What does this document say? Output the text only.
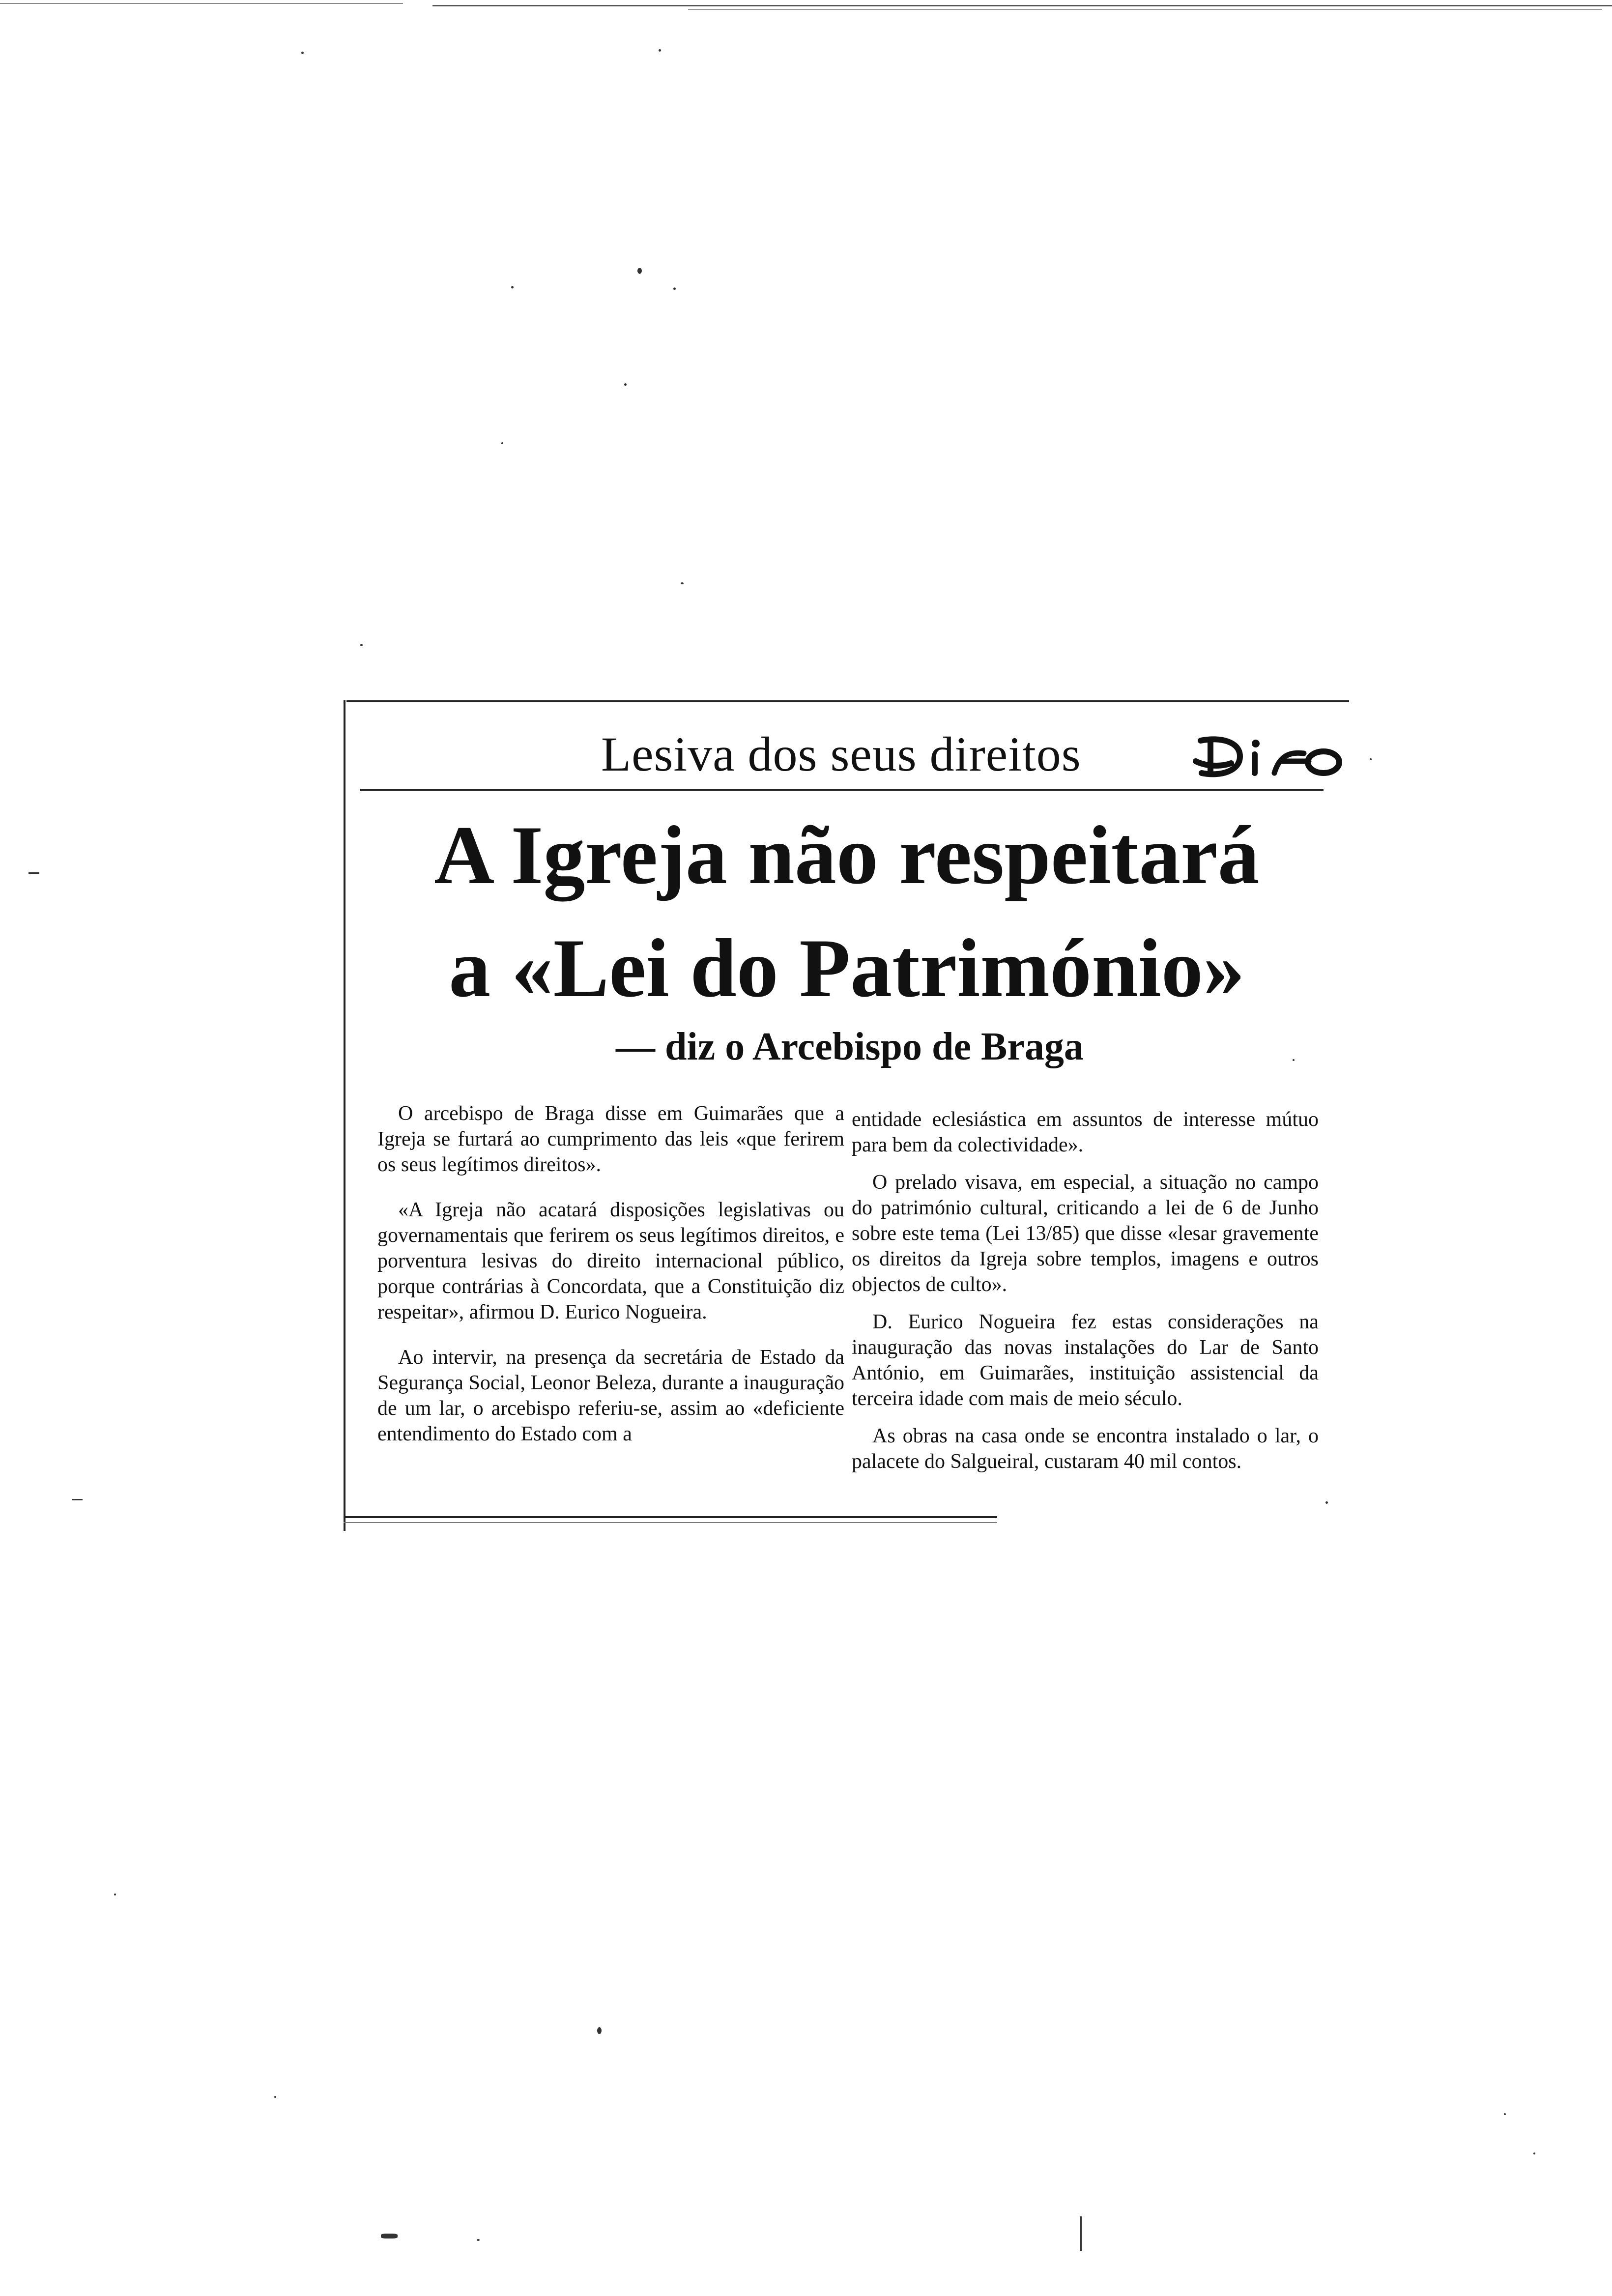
Lesiva dos seus direitos
A Igreja não respeitará
a «Lei do Património»
— diz o Arcebispo de Braga

O arcebispo de Braga disse em Guimarães que a Igreja se furtará ao cumprimento das leis «que ferirem os seus legítimos direitos».

«A Igreja não acatará disposições legislativas ou governamentais que ferirem os seus legítimos direitos, e porventura lesivas do direito internacional público, porque contrárias à Concordata, que a Constituição diz respeitar», afirmou D. Eurico Nogueira.

Ao intervir, na presença da secretária de Estado da Segurança Social, Leonor Beleza, durante a inauguração de um lar, o arcebispo referiu-se, assim ao «deficiente entendimento do Estado com a

entidade eclesiástica em assuntos de interesse mútuo para bem da colectividade».

O prelado visava, em especial, a situação no campo do património cultural, criticando a lei de 6 de Junho sobre este tema (Lei 13/85) que disse «lesar gravemente os direitos da Igreja sobre templos, imagens e outros objectos de culto».

D. Eurico Nogueira fez estas considerações na inauguração das novas instalações do Lar de Santo António, em Guimarães, instituição assistencial da terceira idade com mais de meio século.

As obras na casa onde se encontra instalado o lar, o palacete do Salgueiral, custaram 40 mil contos.
